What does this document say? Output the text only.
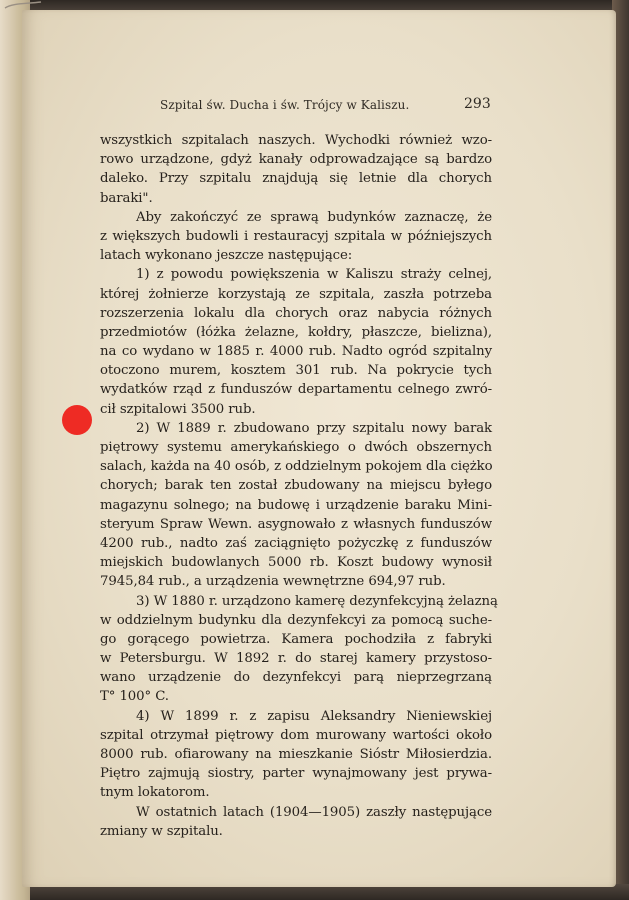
Szpital św. Ducha i św. Trójcy w Kaliszu.	293
wszystkich szpitalach naszych. Wychodki również wzo-
rowo urządzone, gdyż kanały odprowadzające są bardzo
daleko. Przy szpitalu znajdują się letnie dla chorych
baraki".
Aby zakończyć ze sprawą budynków zaznaczę, że
z większych budowli i restauracyj szpitala w późniejszych
latach wykonano jeszcze następujące:
1) z powodu powiększenia w Kaliszu straży celnej,
której żołnierze korzystają ze szpitala, zaszła potrzeba
rozszerzenia lokalu dla chorych oraz nabycia różnych
przedmiotów (łóżka żelazne, kołdry, płaszcze, bielizna),
na co wydano w 1885 r. 4000 rub. Nadto ogród szpitalny
otoczono murem, kosztem 301 rub. Na pokrycie tych
wydatków rząd z funduszów departamentu celnego zwró-
cił szpitalowi 3500 rub.
2) W 1889 r. zbudowano przy szpitalu nowy barak
piętrowy systemu amerykańskiego o dwóch obszernych
salach, każda na 40 osób, z oddzielnym pokojem dla ciężko
chorych; barak ten został zbudowany na miejscu byłego
magazynu solnego; na budowę i urządzenie baraku Mini-
steryum Spraw Wewn. asygnowało z własnych funduszów
4200 rub., nadto zaś zaciągnięto pożyczkę z funduszów
miejskich budowlanych 5000 rb. Koszt budowy wynosił
7945,84 rub., a urządzenia wewnętrzne 694,97 rub.
3) W 1880 r. urządzono kamerę dezynfekcyjną żelazną
w oddzielnym budynku dla dezynfekcyi za pomocą suche-
go gorącego powietrza. Kamera pochodziła z fabryki
w Petersburgu. W 1892 r. do starej kamery przystoso-
wano urządzenie do dezynfekcyi parą nieprzegrzaną
T° 100° C.
4) W 1899 r. z zapisu Aleksandry Nieniewskiej
szpital otrzymał piętrowy dom murowany wartości około
8000 rub. ofiarowany na mieszkanie Sióstr Miłosierdzia.
Piętro zajmują siostry, parter wynajmowany jest prywa-
tnym lokatorom.
W ostatnich latach (1904—1905) zaszły następujące
zmiany w szpitalu.
